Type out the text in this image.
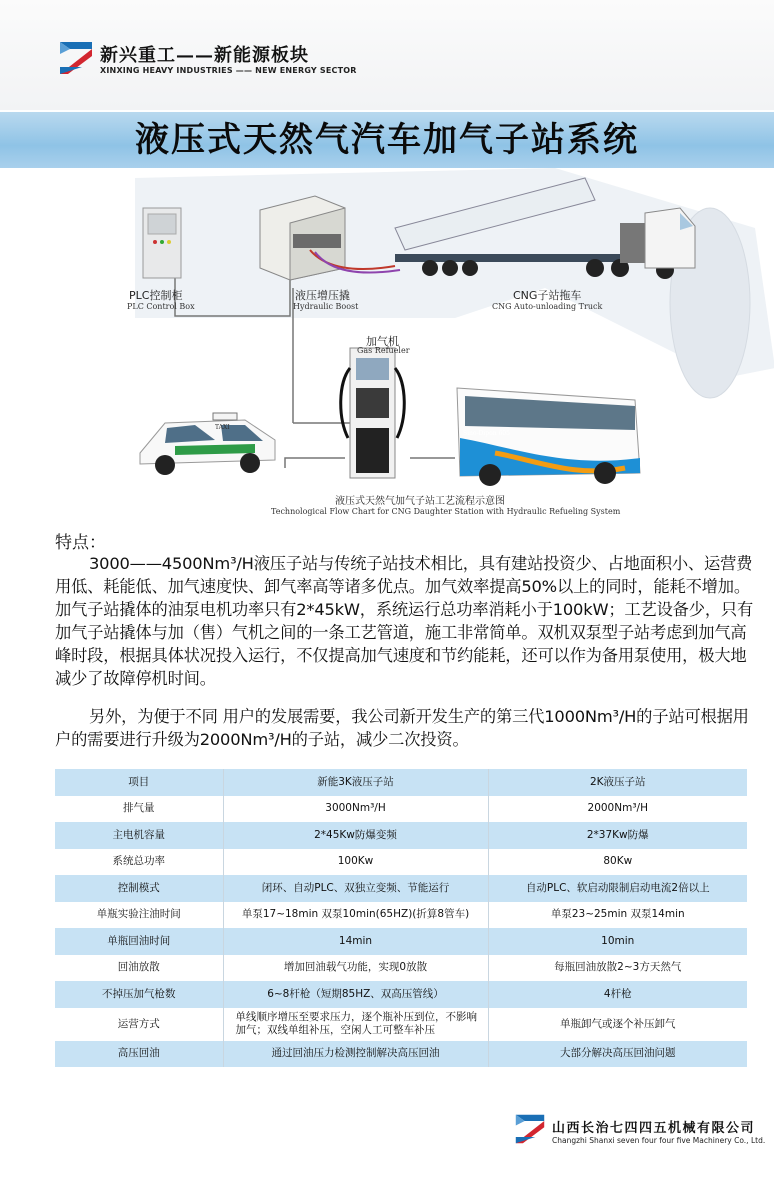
新兴重工——新能源板块
XINXING HEAVY INDUSTRIES —— NEW ENERGY SECTOR
液压式天然气汽车加气子站系统
PLC控制柜
PLC Control Box
液压增压撬
Hydraulic Boost
CNG子站拖车
CNG Auto-unloading Truck
加气机
Gas Refueler
液压式天然气加气子站工艺流程示意图
Technological Flow Chart for CNG Daughter Station with Hydraulic Refueling System
TAXI
Sino-Dipon 605
特点：
3000——4500Nm³/H液压子站与传统子站技术相比，具有建站投资少、占地面积小、运营费用低、耗能低、加气速度快、卸气率高等诸多优点。加气效率提高50%以上的同时，能耗不增加。加气子站撬体的油泵电机功率只有2*45kW，系统运行总功率消耗小于100kW；工艺设备少，只有加气子站撬体与加（售）气机之间的一条工艺管道，施工非常简单。双机双泵型子站考虑到加气高峰时段，根据具体状况投入运行，不仅提高加气速度和节约能耗，还可以作为备用泵使用，极大地减少了故障停机时间。
另外，为便于不同 用户的发展需要，我公司新开发生产的第三代1000Nm³/H的子站可根据用户的需要进行升级为2000Nm³/H的子站，减少二次投资。
项目	新能3K液压子站	2K液压子站
排气量	3000Nm³/H	2000Nm³/H
主电机容量	2*45Kw防爆变频	2*37Kw防爆
系统总功率	100Kw	80Kw
控制模式	闭环、自动PLC、双独立变频、节能运行	自动PLC、软启动限制启动电流2倍以上
单瓶实验注油时间	单泵17~18min 双泵10min(65HZ)(折算8管车)	单泵23~25min 双泵14min
单瓶回油时间	14min	10min
回油放散	增加回油载气功能，实现0放散	每瓶回油放散2~3方天然气
不掉压加气枪数	6~8杆枪（短期85HZ、双高压管线）	4杆枪
运营方式	单线顺序增压至要求压力，逐个瓶补压到位，不影响加气；双线单组补压，空闲人工可整车补压	单瓶卸气或逐个补压卸气
高压回油	通过回油压力检测控制解决高压回油	大部分解决高压回油问题
山西长治七四四五机械有限公司
Changzhi Shanxi seven four four five Machinery Co., Ltd.
